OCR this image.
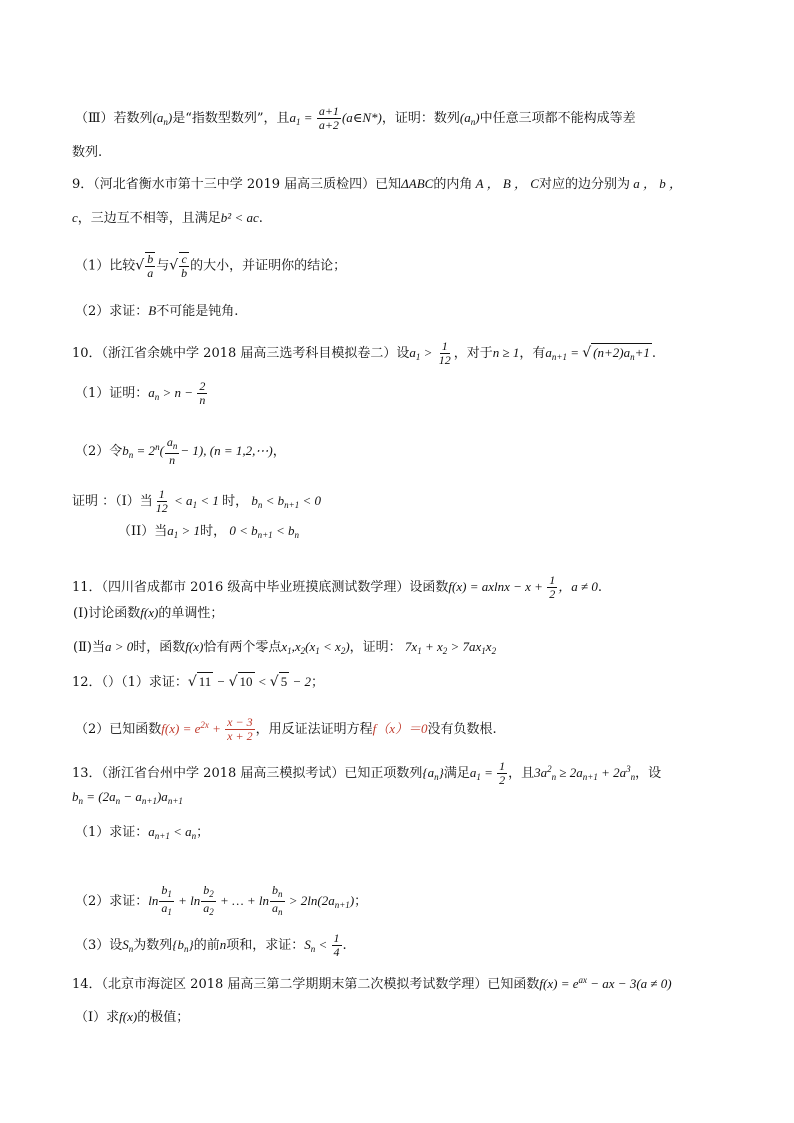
（Ⅲ）若数列$(a_n)$是“指数型数列”，且$a_1 = \frac{a+1}{a+2}$ (a∈N*)，证明：数列$(a_n)$中任意三项都不能构成等差
数列.
9．（河北省衡水市第十三中学 2019 届高三质检四）已知ΔABC的内角 A ， B ， C对应的边分别为 a ， b ，
c，三边互不相等，且满足b² < ac.
（1）比较√ $\frac{b}{a}$ 与√ $\frac{c}{b}$ 的大小，并证明你的结论；
（2）求证：B不可能是钝角.
10．（浙江省余姚中学 2018 届高三选考科目模拟卷二）设$a_1 > \frac{1}{12}$ ，对于n ≥ 1，有$a_{n+1}$ = √ $(n+2)a_n+1$ .
（1）证明：$a_n > n - \frac{2}{n}$
（2）令$b_n = 2^n( \frac{a_n}{n} - 1)$, (n = 1,2,⋯)，
证明 ：（I）当 $\frac{1}{12} < a_1 < 1$ 时， $b_n < b_{n+1} < 0$
（II）当$a_1 > 1$时， $0 < b_{n+1} < b_n$
11．（四川省成都市 2016 级高中毕业班摸底测试数学理）设函数$f(x) = axlnx - x + \frac{1}{2}$ ，a ≠ 0.
(Ⅰ)讨论函数f(x)的单调性；
(Ⅱ)当a > 0时，函数f(x)恰有两个零点$x_1,x_2(x_1 < x_2)$，证明： $7x_1 + x_2 > 7ax_1x_2$
12．（）（1）求证：√ 11 − √ 10 < √ 5 − 2；
（2）已知函数$f(x) = e^{2x} + \frac{x - 3}{x + 2}$ ，用反证法证明方程f（x）＝0没有负数根.
13．（浙江省台州中学 2018 届高三模拟考试）已知正项数列$\{a_n\}$满足$a_1 = \frac{1}{2}$ ，且$3a^2_n \ge 2a_{n+1} + 2a^3_n$，设
$b_n = (2a_n - a_{n+1})a_{n+1}$
（1）求证：$a_{n+1} < a_n$；
（2）求证：$\ln \frac{b_1}{a_1} + \ln \frac{b_2}{a_2}$ + … + $\ln \frac{b_n}{a_n} > 2\ln(2a_{n+1})$；
（3）设$S_n$为数列$\{b_n\}$的前n项和，求证：$S_n < \frac{1}{4}$ .
14．（北京市海淀区 2018 届高三第二学期期末第二次模拟考试数学理）已知函数$f(x) = e^{ax}$ − ax − 3(a ≠ 0)
（Ⅰ）求f(x)的极值；
